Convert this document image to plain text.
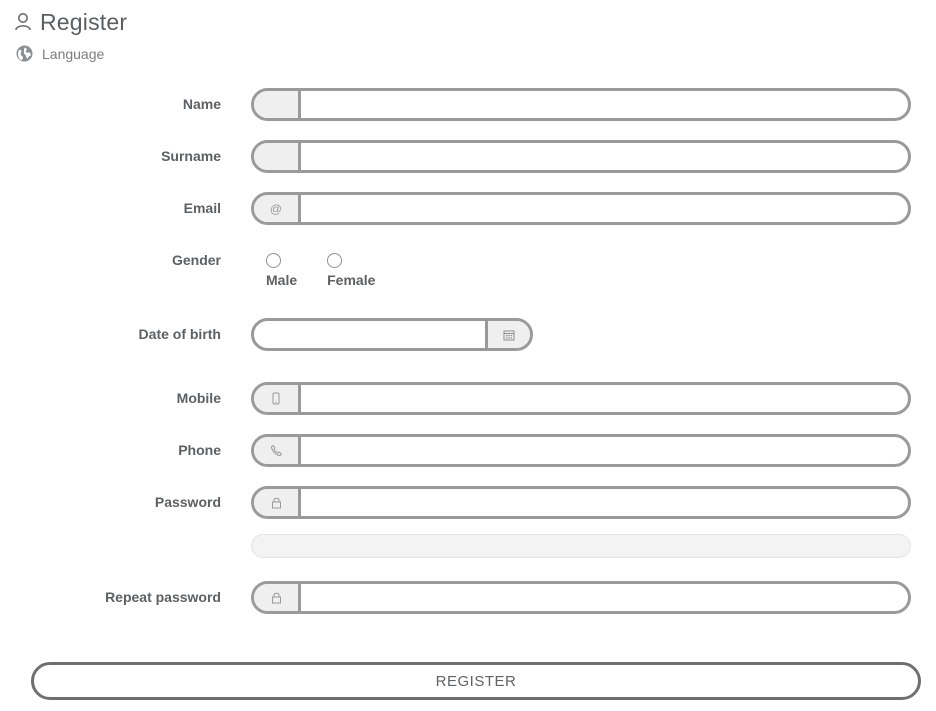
Register
Language
Name
Surname
Email	@
Gender
Male Female
Date of birth
Mobile
Phone
Password
Repeat password
REGISTER
